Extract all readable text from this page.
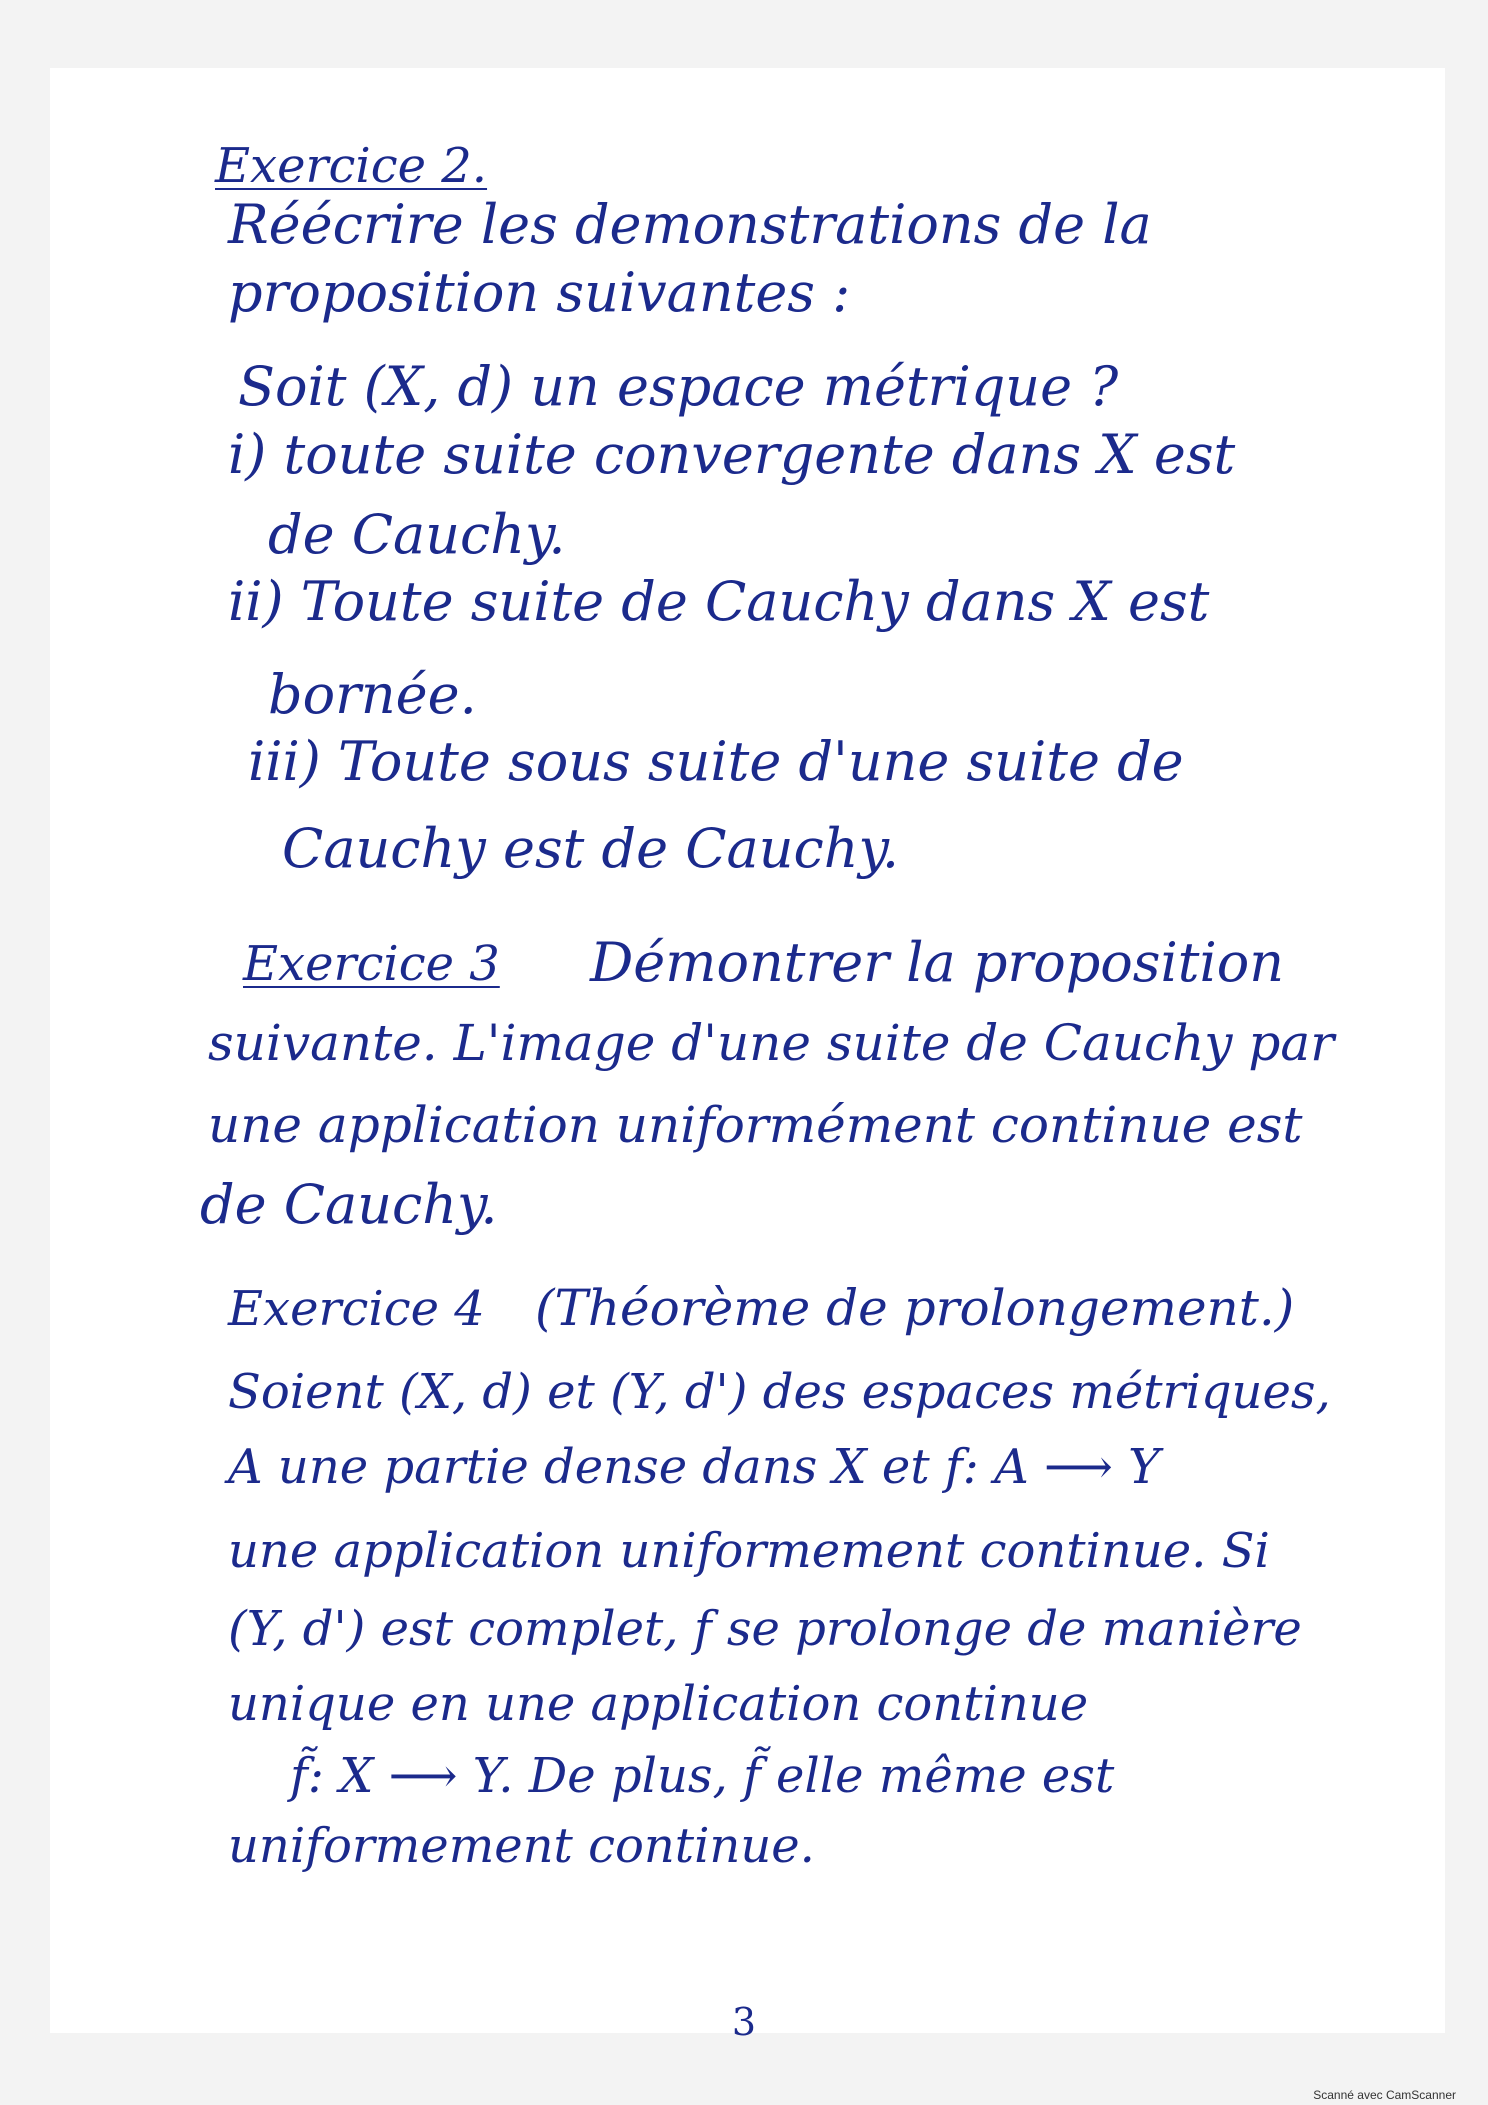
Exercice 2.
Réécrire les demonstrations de la
proposition suivantes :
Soit (X, d) un espace métrique ?
i) toute suite convergente dans X est
de Cauchy.
ii) Toute suite de Cauchy dans X est
bornée.
iii) Toute sous suite d'une suite de
Cauchy est de Cauchy.
Exercice 3 Démontrer la proposition
suivante. L'image d'une suite de Cauchy par
une application uniformément continue est
de Cauchy.
Exercice 4 (Théorème de prolongement.)
Soient (X, d) et (Y, d') des espaces métriques,
A une partie dense dans X et f: A ⟶ Y
une application uniformement continue. Si
(Y, d') est complet, f se prolonge de manière
unique en une application continue
f̃: X ⟶ Y. De plus, f̃ elle même est
uniformement continue.
3
Scanné avec CamScanner
